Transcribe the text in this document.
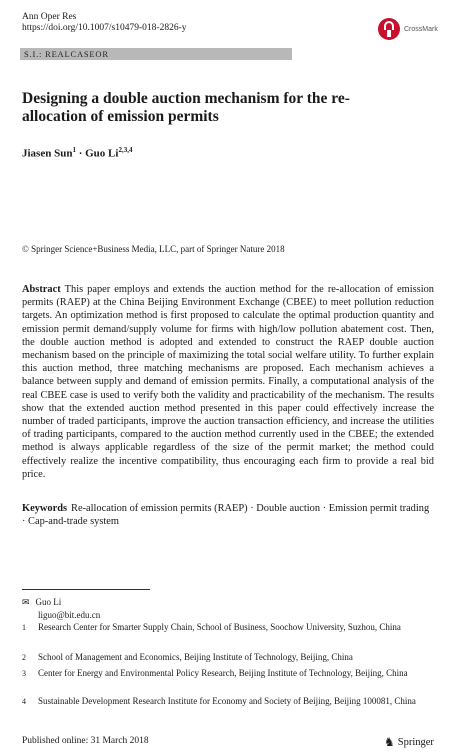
Ann Oper Res
https://doi.org/10.1007/s10479-018-2826-y	CrossMark
S.I.: REALCASEOR
Designing a double auction mechanism for the re-allocation of emission permits
Jiasen Sun$^1$ · Guo Li$^{2,3,4}$
© Springer Science+Business Media, LLC, part of Springer Nature 2018
Abstract This paper employs and extends the auction method for the re-allocation of emission permits (RAEP) at the China Beijing Environment Exchange (CBEE) to meet pollution reduction targets. An optimization method is first proposed to calculate the optimal production quantity and emission permit demand/supply volume for firms with high/low pollution abatement cost. Then, the double auction method is adopted and extended to construct the RAEP double auction mechanism based on the principle of maximizing the total social welfare utility. To further explain this auction method, three matching mechanisms are proposed. Each mechanism achieves a balance between supply and demand of emission permits. Finally, a computational analysis of the real CBEE case is used to verify both the validity and practicability of the mechanism. The results show that the extended auction method presented in this paper could effectively increase the number of traded participants, improve the auction transaction efficiency, and increase the utilities of trading participants, compared to the auction method currently used in the CBEE; the extended method is always applicable regardless of the size of the permit market; the method could effectively realize the incentive compatibility, thus encouraging each firm to provide a real bid price.
Keywords Re-allocation of emission permits (RAEP) · Double auction · Emission permit trading · Cap-and-trade system
✉ Guo Li
liguo@bit.edu.cn
1	Research Center for Smarter Supply Chain, School of Business, Soochow University, Suzhou, China
2	School of Management and Economics, Beijing Institute of Technology, Beijing, China
3	Center for Energy and Environmental Policy Research, Beijing Institute of Technology, Beijing, China
4	Sustainable Development Research Institute for Economy and Society of Beijing, Beijing 100081, China
Published online: 31 March 2018	♞ Springer
